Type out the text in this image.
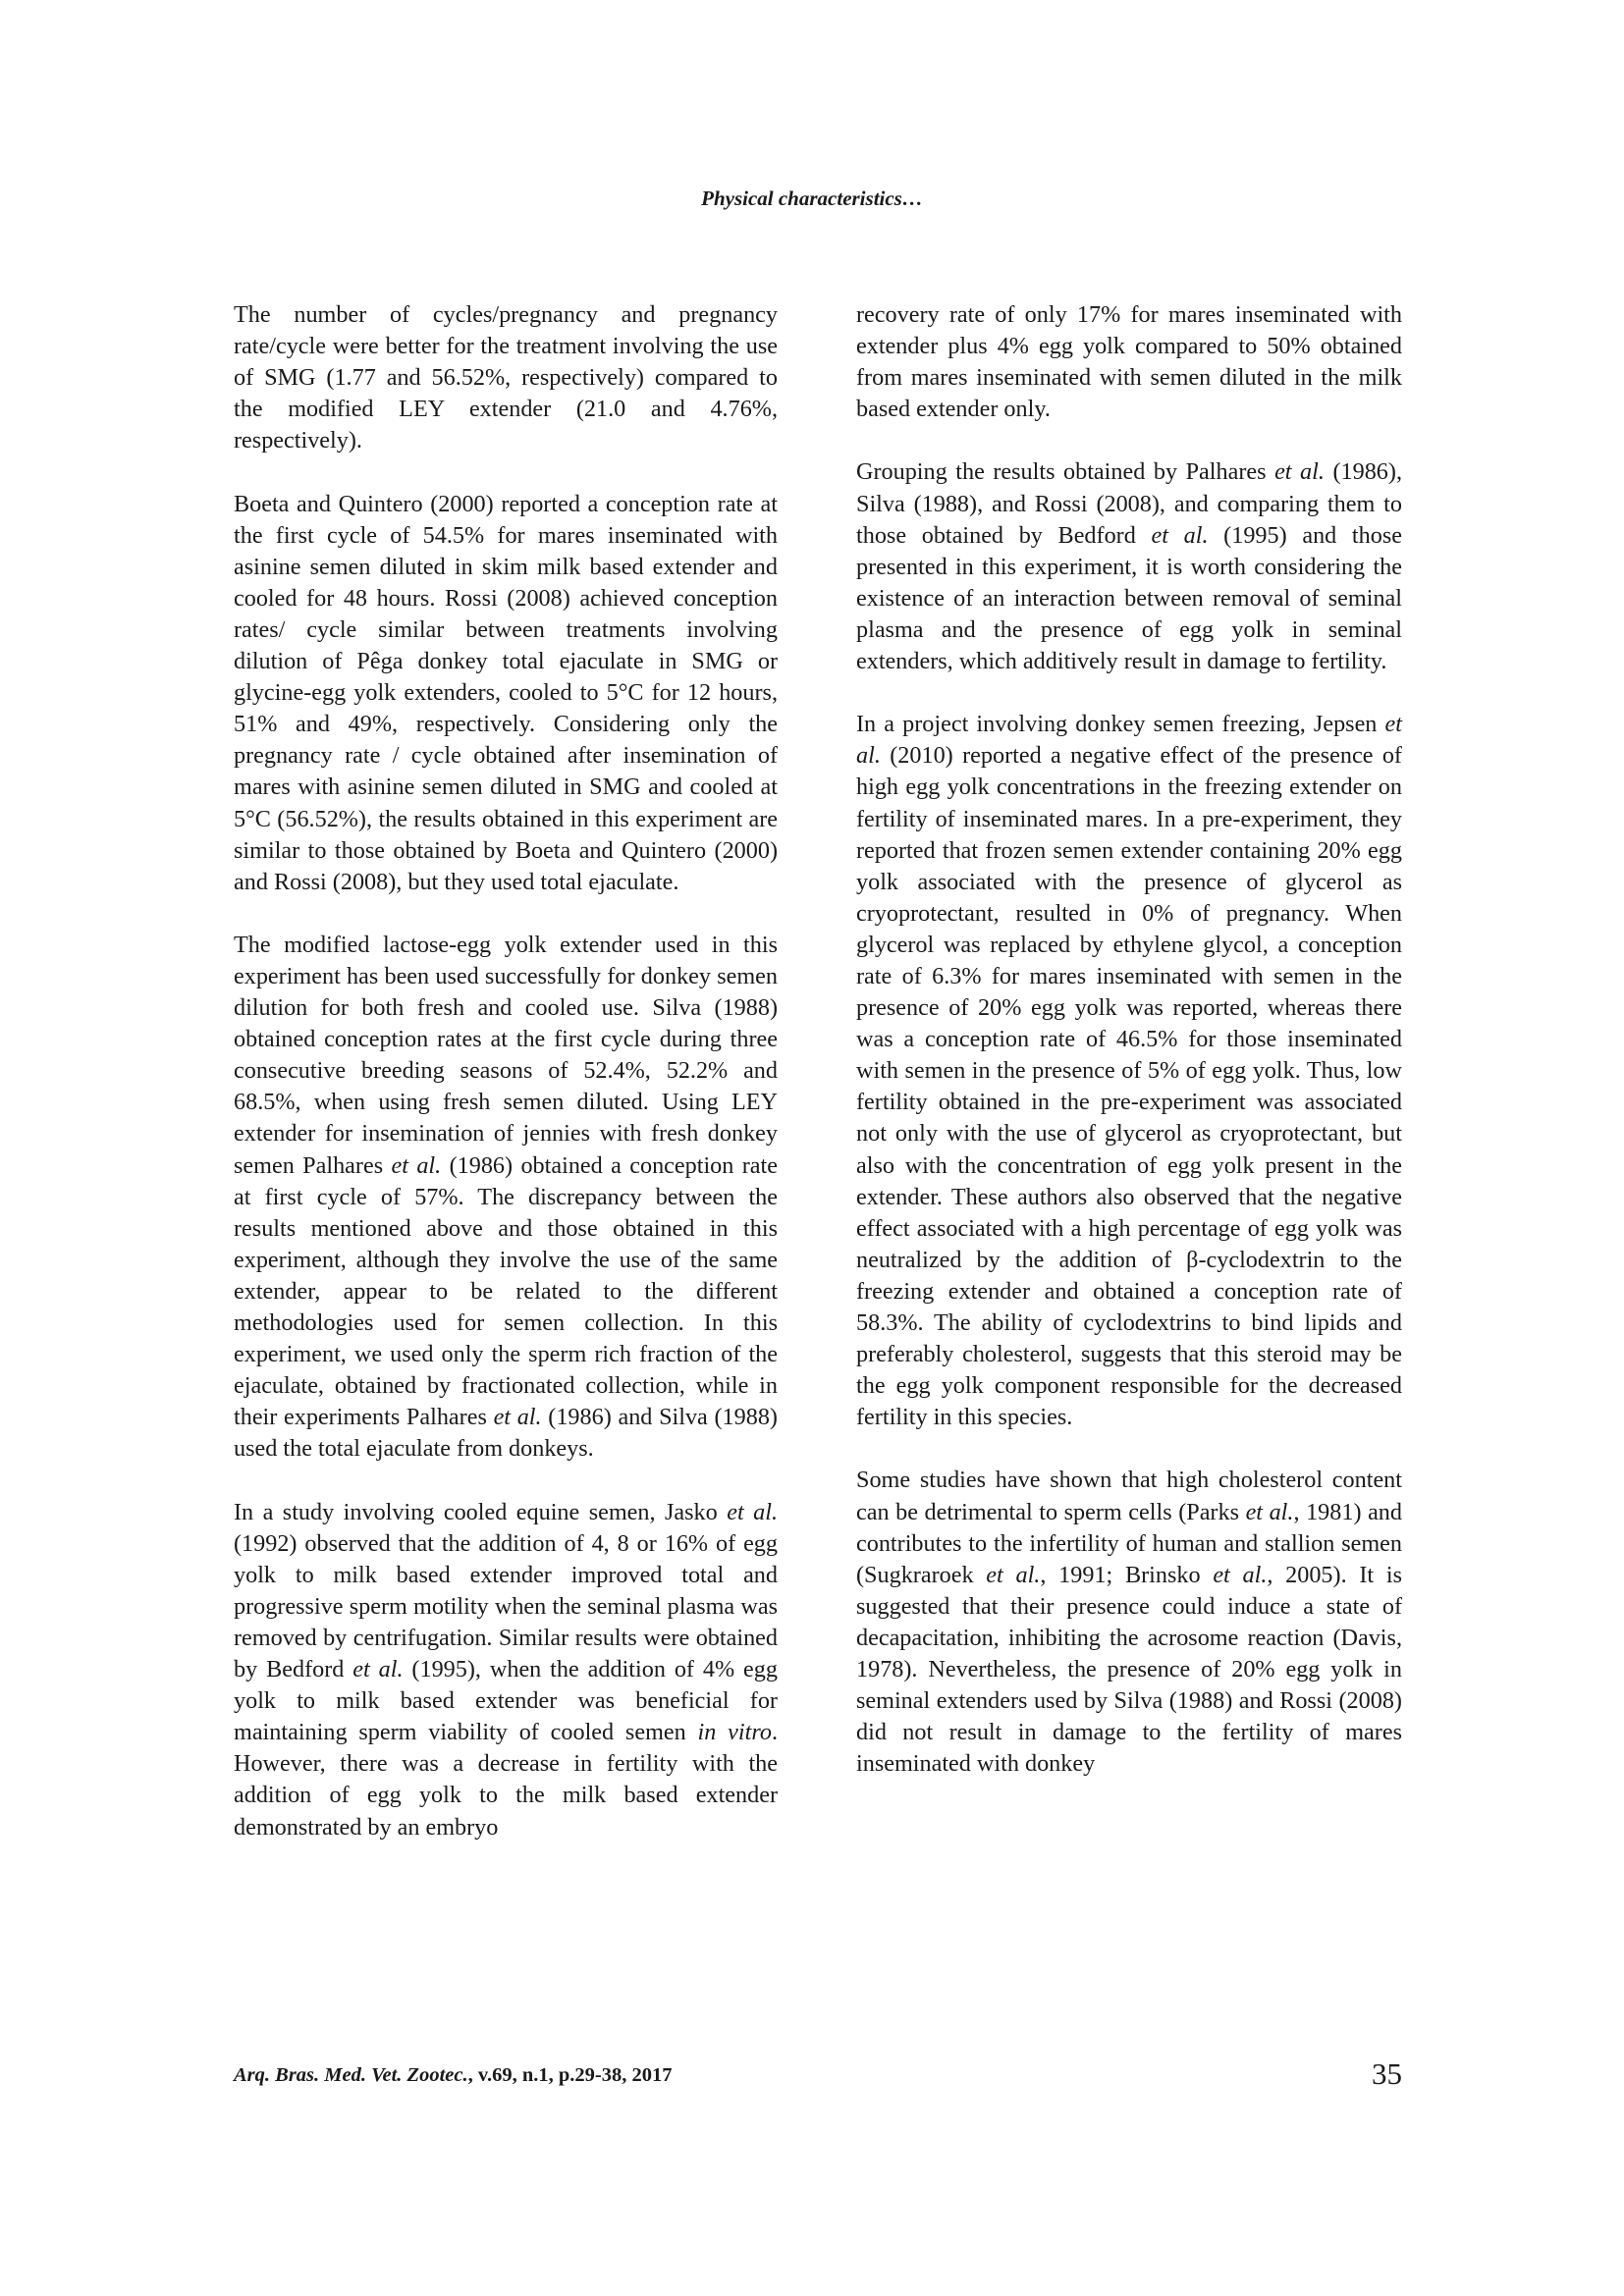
Physical characteristics…

The number of cycles/pregnancy and pregnancy rate/cycle were better for the treatment involving the use of SMG (1.77 and 56.52%, respectively) compared to the modified LEY extender (21.0 and 4.76%, respectively).

Boeta and Quintero (2000) reported a conception rate at the first cycle of 54.5% for mares inseminated with asinine semen diluted in skim milk based extender and cooled for 48 hours. Rossi (2008) achieved conception rates/ cycle similar between treatments involving dilution of Pêga donkey total ejaculate in SMG or glycine-egg yolk extenders, cooled to 5°C for 12 hours, 51% and 49%, respectively. Considering only the pregnancy rate / cycle obtained after insemination of mares with asinine semen diluted in SMG and cooled at 5°C (56.52%), the results obtained in this experiment are similar to those obtained by Boeta and Quintero (2000) and Rossi (2008), but they used total ejaculate.

The modified lactose-egg yolk extender used in this experiment has been used successfully for donkey semen dilution for both fresh and cooled use. Silva (1988) obtained conception rates at the first cycle during three consecutive breeding seasons of 52.4%, 52.2% and 68.5%, when using fresh semen diluted. Using LEY extender for insemination of jennies with fresh donkey semen Palhares et al. (1986) obtained a conception rate at first cycle of 57%. The discrepancy between the results mentioned above and those obtained in this experiment, although they involve the use of the same extender, appear to be related to the different methodologies used for semen collection. In this experiment, we used only the sperm rich fraction of the ejaculate, obtained by fractionated collection, while in their experiments Palhares et al. (1986) and Silva (1988) used the total ejaculate from donkeys.

In a study involving cooled equine semen, Jasko et al. (1992) observed that the addition of 4, 8 or 16% of egg yolk to milk based extender improved total and progressive sperm motility when the seminal plasma was removed by centrifugation. Similar results were obtained by Bedford et al. (1995), when the addition of 4% egg yolk to milk based extender was beneficial for maintaining sperm viability of cooled semen in vitro. However, there was a decrease in fertility with the addition of egg yolk to the milk based extender demonstrated by an embryo

recovery rate of only 17% for mares inseminated with extender plus 4% egg yolk compared to 50% obtained from mares inseminated with semen diluted in the milk based extender only.

Grouping the results obtained by Palhares et al. (1986), Silva (1988), and Rossi (2008), and comparing them to those obtained by Bedford et al. (1995) and those presented in this experiment, it is worth considering the existence of an interaction between removal of seminal plasma and the presence of egg yolk in seminal extenders, which additively result in damage to fertility.

In a project involving donkey semen freezing, Jepsen et al. (2010) reported a negative effect of the presence of high egg yolk concentrations in the freezing extender on fertility of inseminated mares. In a pre-experiment, they reported that frozen semen extender containing 20% egg yolk associated with the presence of glycerol as cryoprotectant, resulted in 0% of pregnancy. When glycerol was replaced by ethylene glycol, a conception rate of 6.3% for mares inseminated with semen in the presence of 20% egg yolk was reported, whereas there was a conception rate of 46.5% for those inseminated with semen in the presence of 5% of egg yolk. Thus, low fertility obtained in the pre-experiment was associated not only with the use of glycerol as cryoprotectant, but also with the concentration of egg yolk present in the extender. These authors also observed that the negative effect associated with a high percentage of egg yolk was neutralized by the addition of β-cyclodextrin to the freezing extender and obtained a conception rate of 58.3%. The ability of cyclodextrins to bind lipids and preferably cholesterol, suggests that this steroid may be the egg yolk component responsible for the decreased fertility in this species.

Some studies have shown that high cholesterol content can be detrimental to sperm cells (Parks et al., 1981) and contributes to the infertility of human and stallion semen (Sugkraroek et al., 1991; Brinsko et al., 2005). It is suggested that their presence could induce a state of decapacitation, inhibiting the acrosome reaction (Davis, 1978). Nevertheless, the presence of 20% egg yolk in seminal extenders used by Silva (1988) and Rossi (2008) did not result in damage to the fertility of mares inseminated with donkey

Arq. Bras. Med. Vet. Zootec., v.69, n.1, p.29-38, 2017	35
